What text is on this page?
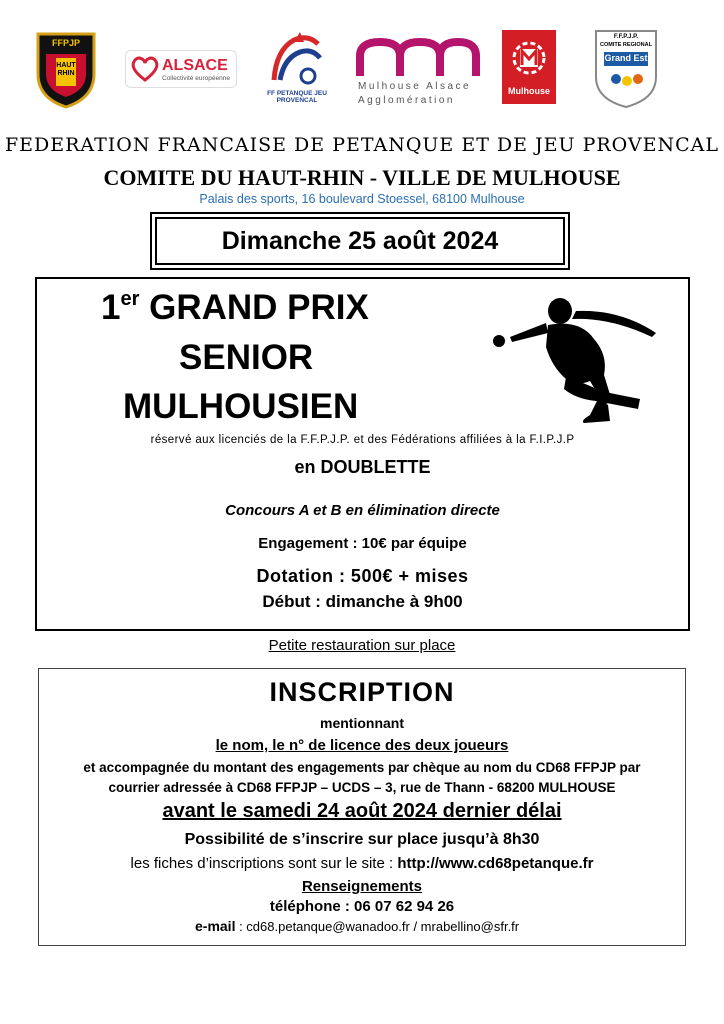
FFPJP
HAUT RHIN	ALSACE
Collectivité européenne
FF PETANQUE JEU PROVENCAL
Mulhouse Alsace
Agglomération
Mulhouse
F.F.P.J.P.
COMITE REGIONAL
Grand Est
FEDERATION FRANCAISE DE PETANQUE ET DE JEU PROVENCAL
COMITE DU HAUT-RHIN - VILLE DE MULHOUSE
Palais des sports, 16 boulevard Stoessel, 68100 Mulhouse
Dimanche 25 août 2024
1er GRAND PRIX
SENIOR
MULHOUSIEN
réservé aux licenciés de la F.F.P.J.P. et des Fédérations affiliées à la F.I.P.J.P
en DOUBLETTE
Concours A et B en élimination directe
Engagement : 10€ par équipe
Dotation : 500€ + mises
Début : dimanche à 9h00
Petite restauration sur place
INSCRIPTION
mentionnant
le nom, le n° de licence des deux joueurs
et accompagnée du montant des engagements par chèque au nom du CD68 FFPJP par
courrier adressée à CD68 FFPJP – UCDS – 3, rue de Thann - 68200 MULHOUSE
avant le samedi 24 août 2024 dernier délai
Possibilité de s’inscrire sur place jusqu’à 8h30
les fiches d’inscriptions sont sur le site : http://www.cd68petanque.fr
Renseignements
téléphone : 06 07 62 94 26
e-mail : cd68.petanque@wanadoo.fr / mrabellino@sfr.fr
